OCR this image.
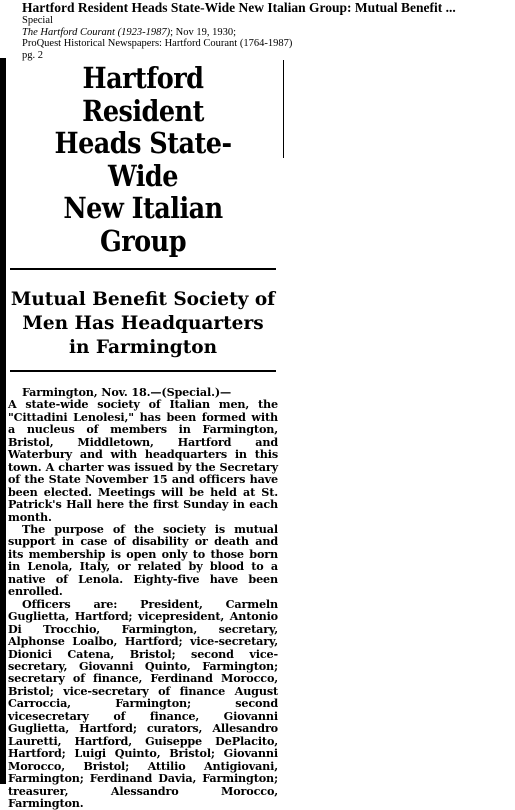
Hartford Resident Heads State-Wide New Italian Group: Mutual Benefit ...
Special
The Hartford Courant (1923-1987); Nov 19, 1930;
ProQuest Historical Newspapers: Hartford Courant (1764-1987)
pg. 2
Hartford Resident
Heads State-Wide
New Italian Group
Mutual Benefit Society of
Men Has Headquarters
in Farmington

Farmington, Nov. 18.—(Special.)—

A state-wide society of Italian men, the "Cittadini Lenolesi," has been formed with a nucleus of members in Farmington, Bristol, Middletown, Hartford and Waterbury and with headquarters in this town. A charter was issued by the Secretary of the State November 15 and officers have been elected. Meetings will be held at St. Patrick's Hall here the first Sunday in each month.

The purpose of the society is mutual support in case of disability or death and its membership is open only to those born in Lenola, Italy, or related by blood to a native of Lenola. Eighty-five have been enrolled.

Officers are: President, Carmeln Guglietta, Hartford; vicepresident, Antonio Di Trocchio, Farmington, secretary, Alphonse Loalbo, Hartford; vice-secretary, Dionici Catena, Bristol; second vice-secretary, Giovanni Quinto, Farmington; secretary of finance, Ferdinand Morocco, Bristol; vice-secretary of finance August Carroccia, Farmington; second vicesecretary of finance, Giovanni Guglietta, Hartford; curators, Allesandro Lauretti, Hartford, Guiseppe DePlacito, Hartford; Luigi Quinto, Bristol; Giovanni Morocco, Bristol; Attilio Antigiovani, Farmington; Ferdinand Davia, Farmington; treasurer, Alessandro Morocco, Farmington.
